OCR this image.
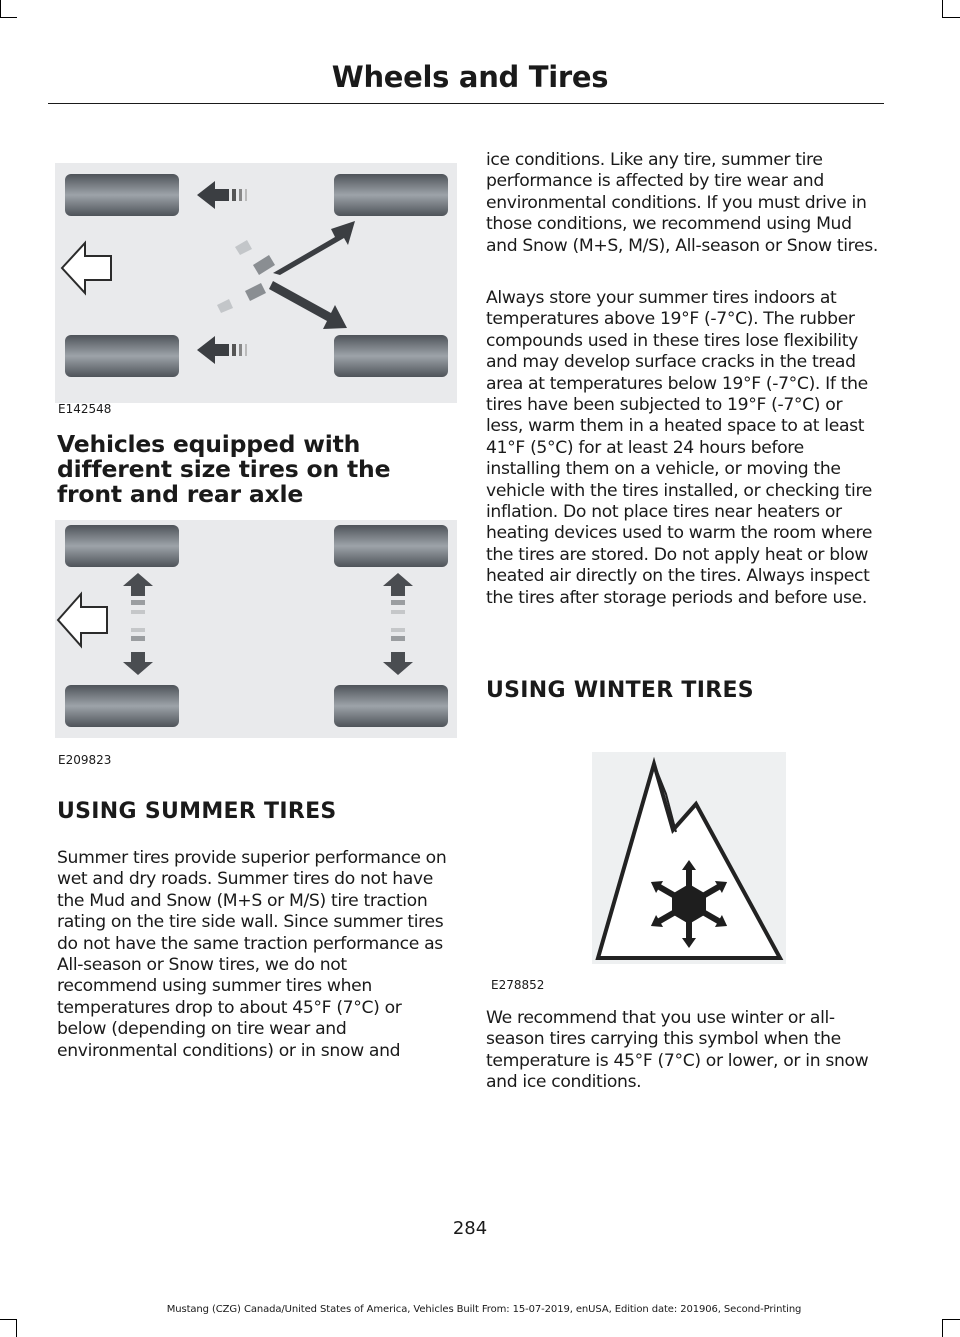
Wheels and Tires
E142548
Vehicles equipped with different size tires on the front and rear axle
E209823
USING SUMMER TIRES

Summer tires provide superior performance on wet and dry roads. Summer tires do not have the Mud and Snow (M+S or M/S) tire traction rating on the tire side wall. Since summer tires do not have the same traction performance as All-season or Snow tires, we do not recommend using summer tires when temperatures drop to about 45°F (7°C) or below (depending on tire wear and environmental conditions) or in snow and

ice conditions. Like any tire, summer tire performance is affected by tire wear and environmental conditions. If you must drive in those conditions, we recommend using Mud and Snow (M+S, M/S), All-season or Snow tires.

Always store your summer tires indoors at temperatures above 19°F (-7°C). The rubber compounds used in these tires lose flexibility and may develop surface cracks in the tread area at temperatures below 19°F (-7°C). If the tires have been subjected to 19°F (-7°C) or less, warm them in a heated space to at least 41°F (5°C) for at least 24 hours before installing them on a vehicle, or moving the vehicle with the tires installed, or checking tire inflation. Do not place tires near heaters or heating devices used to warm the room where the tires are stored. Do not apply heat or blow heated air directly on the tires. Always inspect the tires after storage periods and before use.

USING WINTER TIRES
E278852

We recommend that you use winter or all-season tires carrying this symbol when the temperature is 45°F (7°C) or lower, or in snow and ice conditions.

284
Mustang (CZG) Canada/United States of America, Vehicles Built From: 15-07-2019, enUSA, Edition date: 201906, Second-Printing
